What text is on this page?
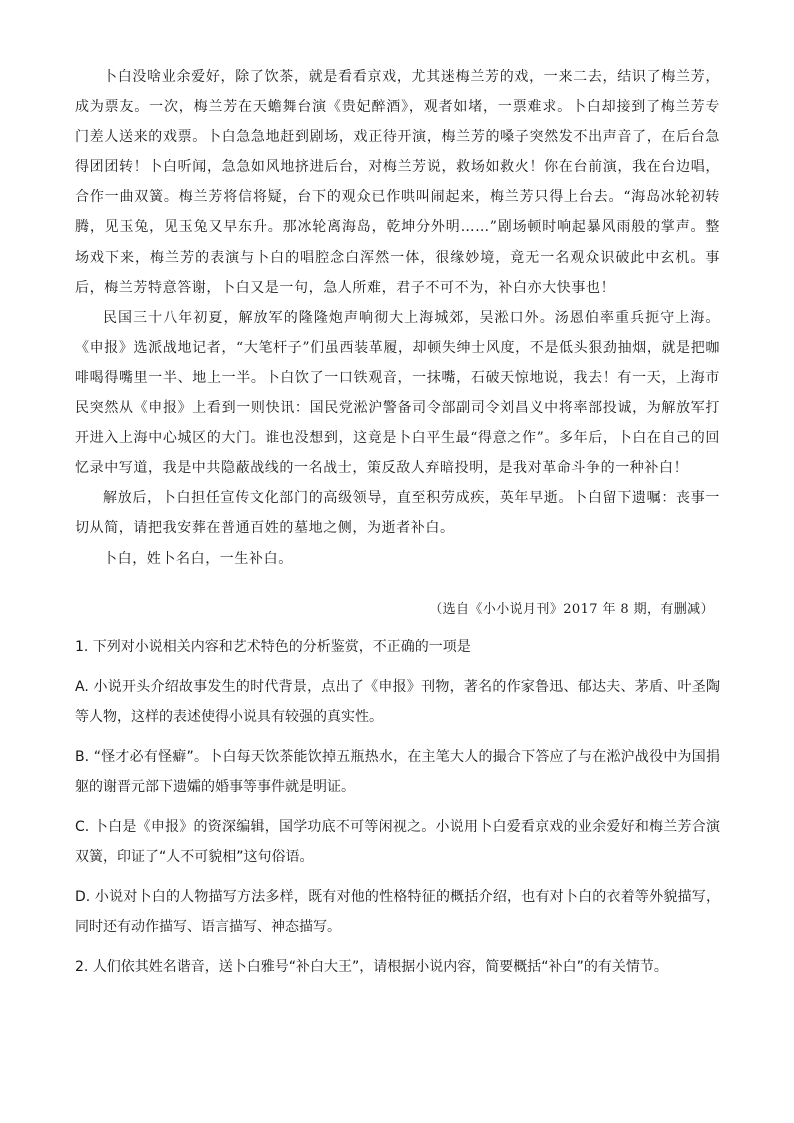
卜白没啥业余爱好，除了饮茶，就是看看京戏，尤其迷梅兰芳的戏，一来二去，结识了梅兰芳，成为票友。一次，梅兰芳在天蟾舞台演《贵妃醉酒》，观者如堵，一票难求。卜白却接到了梅兰芳专门差人送来的戏票。卜白急急地赶到剧场，戏正待开演，梅兰芳的嗓子突然发不出声音了，在后台急得团团转！卜白听闻，急急如风地挤进后台，对梅兰芳说，救场如救火！你在台前演，我在台边唱，合作一曲双簧。梅兰芳将信将疑，台下的观众已作哄叫闹起来，梅兰芳只得上台去。“海岛冰轮初转腾，见玉兔，见玉兔又早东升。那冰轮离海岛，乾坤分外明……”剧场顿时响起暴风雨般的掌声。整场戏下来，梅兰芳的表演与卜白的唱腔念白浑然一体，很缘妙境，竟无一名观众识破此中玄机。事后，梅兰芳特意答谢，卜白又是一句，急人所难，君子不可不为，补白亦大快事也！

民国三十八年初夏，解放军的隆隆炮声响彻大上海城郊，吴淞口外。汤恩伯率重兵扼守上海。《申报》选派战地记者，“大笔杆子”们虽西装革履，却顿失绅士风度，不是低头狠劲抽烟，就是把咖啡喝得嘴里一半、地上一半。卜白饮了一口铁观音，一抹嘴，石破天惊地说，我去！有一天，上海市民突然从《申报》上看到一则快讯：国民党淞沪警备司令部副司令刘昌义中将率部投诚，为解放军打开进入上海中心城区的大门。谁也没想到，这竟是卜白平生最“得意之作”。多年后，卜白在自己的回忆录中写道，我是中共隐蔽战线的一名战士，策反敌人弃暗投明，是我对革命斗争的一种补白！

解放后，卜白担任宣传文化部门的高级领导，直至积劳成疾，英年早逝。卜白留下遗嘱：丧事一切从简，请把我安葬在普通百姓的墓地之侧，为逝者补白。

卜白，姓卜名白，一生补白。

（选自《小小说月刊》2017 年 8 期，有删减）

1. 下列对小说相关内容和艺术特色的分析鉴赏，不正确的一项是

A. 小说开头介绍故事发生的时代背景，点出了《申报》刊物，著名的作家鲁迅、郁达夫、茅盾、叶圣陶等人物，这样的表述使得小说具有较强的真实性。

B. “怪才必有怪癖”。卜白每天饮茶能饮掉五瓶热水，在主笔大人的撮合下答应了与在淞沪战役中为国捐躯的谢晋元部下遗孀的婚事等事件就是明证。

C. 卜白是《申报》的资深编辑，国学功底不可等闲视之。小说用卜白爱看京戏的业余爱好和梅兰芳合演双簧，印证了“人不可貌相”这句俗语。

D. 小说对卜白的人物描写方法多样，既有对他的性格特征的概括介绍，也有对卜白的衣着等外貌描写，同时还有动作描写、语言描写、神态描写。

2. 人们依其姓名谐音，送卜白雅号“补白大王”，请根据小说内容，简要概括“补白”的有关情节。
